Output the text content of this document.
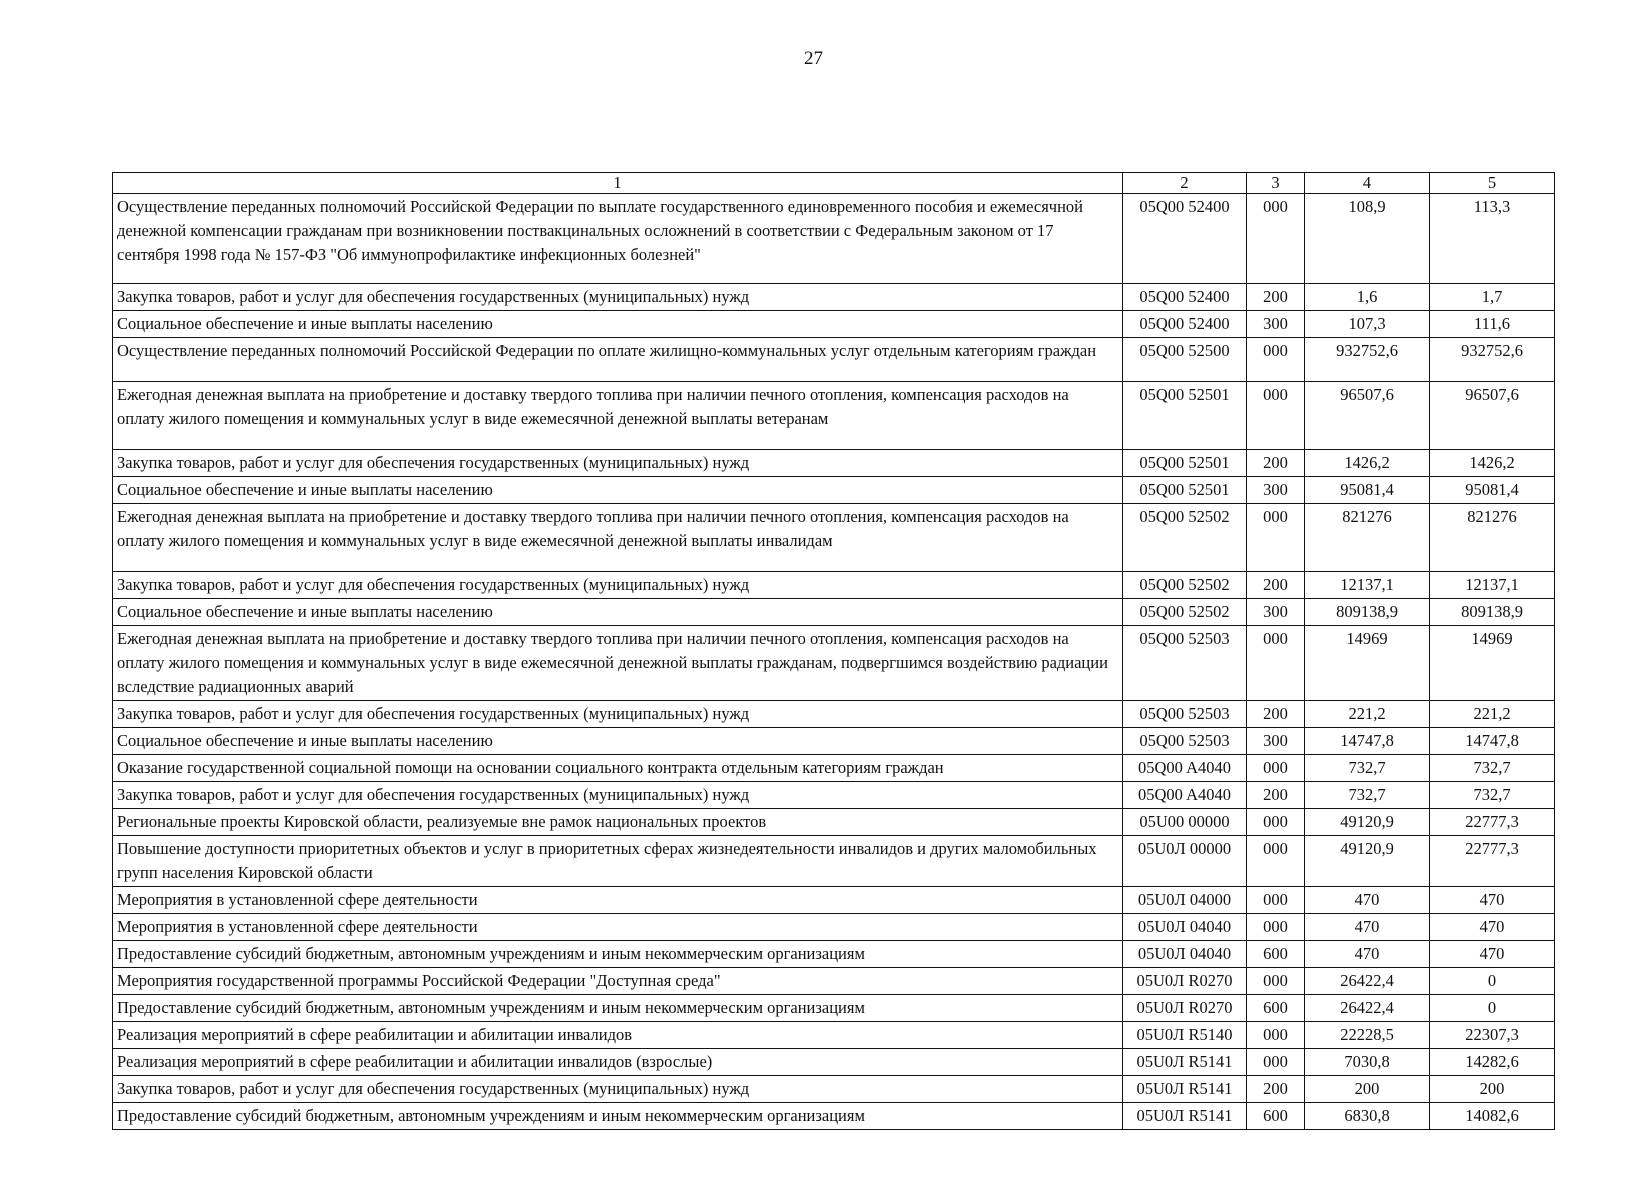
27
1	2	3	4	5
Осуществление переданных полномочий Российской Федерации по выплате государственного единовременного пособия и ежемесячной денежной компенсации гражданам при возникновении поствакцинальных осложнений в соответствии с Федеральным законом от 17 сентября 1998 года № 157-ФЗ "Об иммунопрофилактике инфекционных болезней"	05Q00 52400	000	108,9	113,3
Закупка товаров, работ и услуг для обеспечения государственных (муниципальных) нужд	05Q00 52400	200	1,6	1,7
Социальное обеспечение и иные выплаты населению	05Q00 52400	300	107,3	111,6
Осуществление переданных полномочий Российской Федерации по оплате жилищно-коммунальных услуг отдельным категориям граждан	05Q00 52500	000	932752,6	932752,6
Ежегодная денежная выплата на приобретение и доставку твердого топлива при наличии печного отопления, компенсация расходов на оплату жилого помещения и коммунальных услуг в виде ежемесячной денежной выплаты ветеранам	05Q00 52501	000	96507,6	96507,6
Закупка товаров, работ и услуг для обеспечения государственных (муниципальных) нужд	05Q00 52501	200	1426,2	1426,2
Социальное обеспечение и иные выплаты населению	05Q00 52501	300	95081,4	95081,4
Ежегодная денежная выплата на приобретение и доставку твердого топлива при наличии печного отопления, компенсация расходов на оплату жилого помещения и коммунальных услуг в виде ежемесячной денежной выплаты инвалидам	05Q00 52502	000	821276	821276
Закупка товаров, работ и услуг для обеспечения государственных (муниципальных) нужд	05Q00 52502	200	12137,1	12137,1
Социальное обеспечение и иные выплаты населению	05Q00 52502	300	809138,9	809138,9
Ежегодная денежная выплата на приобретение и доставку твердого топлива при наличии печного отопления, компенсация расходов на оплату жилого помещения и коммунальных услуг в виде ежемесячной денежной выплаты гражданам, подвергшимся воздействию радиации вследствие радиационных аварий	05Q00 52503	000	14969	14969
Закупка товаров, работ и услуг для обеспечения государственных (муниципальных) нужд	05Q00 52503	200	221,2	221,2
Социальное обеспечение и иные выплаты населению	05Q00 52503	300	14747,8	14747,8
Оказание государственной социальной помощи на основании социального контракта отдельным категориям граждан	05Q00 A4040	000	732,7	732,7
Закупка товаров, работ и услуг для обеспечения государственных (муниципальных) нужд	05Q00 A4040	200	732,7	732,7
Региональные проекты Кировской области, реализуемые вне рамок национальных проектов	05U00 00000	000	49120,9	22777,3
Повышение доступности приоритетных объектов и услуг в приоритетных сферах жизнедеятельности инвалидов и других маломобильных групп населения Кировской области	05U0Л 00000	000	49120,9	22777,3
Мероприятия в установленной сфере деятельности	05U0Л 04000	000	470	470
Мероприятия в установленной сфере деятельности	05U0Л 04040	000	470	470
Предоставление субсидий бюджетным, автономным учреждениям и иным некоммерческим организациям	05U0Л 04040	600	470	470
Мероприятия государственной программы Российской Федерации "Доступная среда"	05U0Л R0270	000	26422,4	0
Предоставление субсидий бюджетным, автономным учреждениям и иным некоммерческим организациям	05U0Л R0270	600	26422,4	0
Реализация мероприятий в сфере реабилитации и абилитации инвалидов	05U0Л R5140	000	22228,5	22307,3
Реализация мероприятий в сфере реабилитации и абилитации инвалидов (взрослые)	05U0Л R5141	000	7030,8	14282,6
Закупка товаров, работ и услуг для обеспечения государственных (муниципальных) нужд	05U0Л R5141	200	200	200
Предоставление субсидий бюджетным, автономным учреждениям и иным некоммерческим организациям	05U0Л R5141	600	6830,8	14082,6
